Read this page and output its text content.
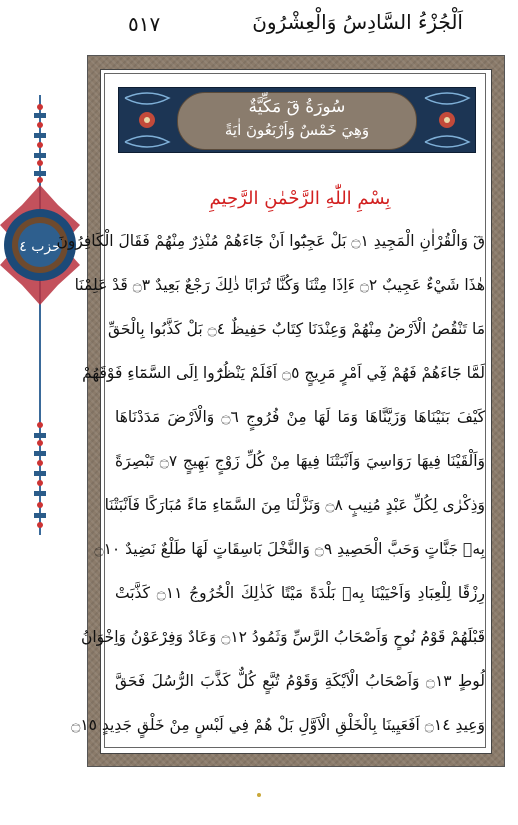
٥١٧	اَلْجُزْءُ السَّادِسُ وَالْعِشْرُونَ
حزب ٤
سُورَةُ قٓ مَكِّيَّةٌ
وَهِيَ خَمْسٌ وَاَرْبَعُونَ اٰيَةً
بِسْمِ اللّٰهِ الرَّحْمٰنِ الرَّحِيمِ
قٓ وَالْقُرْاٰنِ الْمَجِيدِ ۝١ بَلْ عَجِبُٓوا اَنْ جَٓاءَهُمْ مُنْذِرٌ مِنْهُمْ فَقَالَ الْكَافِرُونَ
هٰذَا شَيْءٌ عَجِيبٌ ۝٢ ءَاِذَا مِتْنَا وَكُنَّا تُرَابًا ذٰلِكَ رَجْعٌ بَعِيدٌ ۝٣ قَدْ عَلِمْنَا
مَا تَنْقُصُ الْاَرْضُ مِنْهُمْ وَعِنْدَنَا كِتَابٌ حَفِيظٌ ۝٤ بَلْ كَذَّبُوا بِالْحَقِّ
لَمَّا جَٓاءَهُمْ فَهُمْ فِٓي اَمْرٍ مَرِيجٍ ۝٥ اَفَلَمْ يَنْظُرُٓوا اِلَى السَّمَٓاءِ فَوْقَهُمْ
كَيْفَ بَنَيْنَاهَا وَزَيَّنَّاهَا وَمَا لَهَا مِنْ فُرُوجٍ ۝٦ وَالْاَرْضَ مَدَدْنَاهَا
وَاَلْقَيْنَا فِيهَا رَوَاسِيَ وَاَنْبَتْنَا فِيهَا مِنْ كُلِّ زَوْجٍ بَهِيجٍ ۝٧ تَبْصِرَةً
وَذِكْرٰى لِكُلِّ عَبْدٍ مُنِيبٍ ۝٨ وَنَزَّلْنَا مِنَ السَّمَٓاءِ مَٓاءً مُبَارَكًا فَاَنْبَتْنَا
بِهٖ جَنَّاتٍ وَحَبَّ الْحَصِيدِ ۝٩ وَالنَّخْلَ بَاسِقَاتٍ لَهَا طَلْعٌ نَضِيدٌ ۝١٠
رِزْقًا لِلْعِبَادِ وَاَحْيَيْنَا بِهٖ بَلْدَةً مَيْتًا كَذٰلِكَ الْخُرُوجُ ۝١١ كَذَّبَتْ
قَبْلَهُمْ قَوْمُ نُوحٍ وَاَصْحَابُ الرَّسِّ وَثَمُودُ ۝١٢ وَعَادٌ وَفِرْعَوْنُ وَاِخْوَانُ
لُوطٍ ۝١٣ وَاَصْحَابُ الْاَيْكَةِ وَقَوْمُ تُبَّعٍ كُلٌّ كَذَّبَ الرُّسُلَ فَحَقَّ
وَعِيدِ ۝١٤ اَفَعَيِينَا بِالْخَلْقِ الْاَوَّلِ بَلْ هُمْ فِي لَبْسٍ مِنْ خَلْقٍ جَدِيدٍ ۝١٥
